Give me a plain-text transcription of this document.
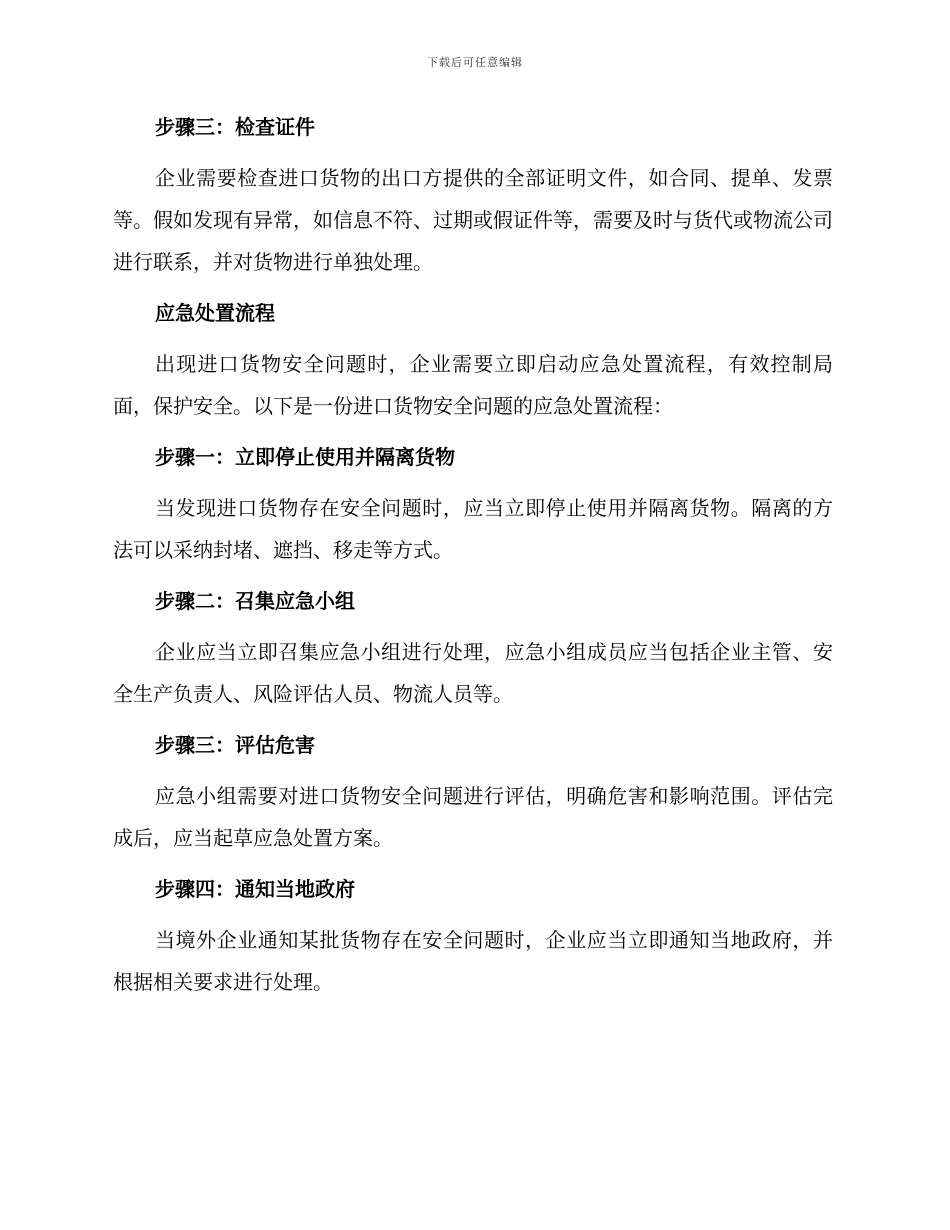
下载后可任意编辑
步骤三：检查证件
企业需要检查进口货物的出口方提供的全部证明文件，如合同、提单、发票等。假如发现有异常，如信息不符、过期或假证件等，需要及时与货代或物流公司进行联系，并对货物进行单独处理。
应急处置流程
出现进口货物安全问题时，企业需要立即启动应急处置流程，有效控制局面，保护安全。以下是一份进口货物安全问题的应急处置流程：
步骤一：立即停止使用并隔离货物
当发现进口货物存在安全问题时，应当立即停止使用并隔离货物。隔离的方法可以采纳封堵、遮挡、移走等方式。
步骤二：召集应急小组
企业应当立即召集应急小组进行处理，应急小组成员应当包括企业主管、安全生产负责人、风险评估人员、物流人员等。
步骤三：评估危害
应急小组需要对进口货物安全问题进行评估，明确危害和影响范围。评估完成后，应当起草应急处置方案。
步骤四：通知当地政府
当境外企业通知某批货物存在安全问题时，企业应当立即通知当地政府，并根据相关要求进行处理。
